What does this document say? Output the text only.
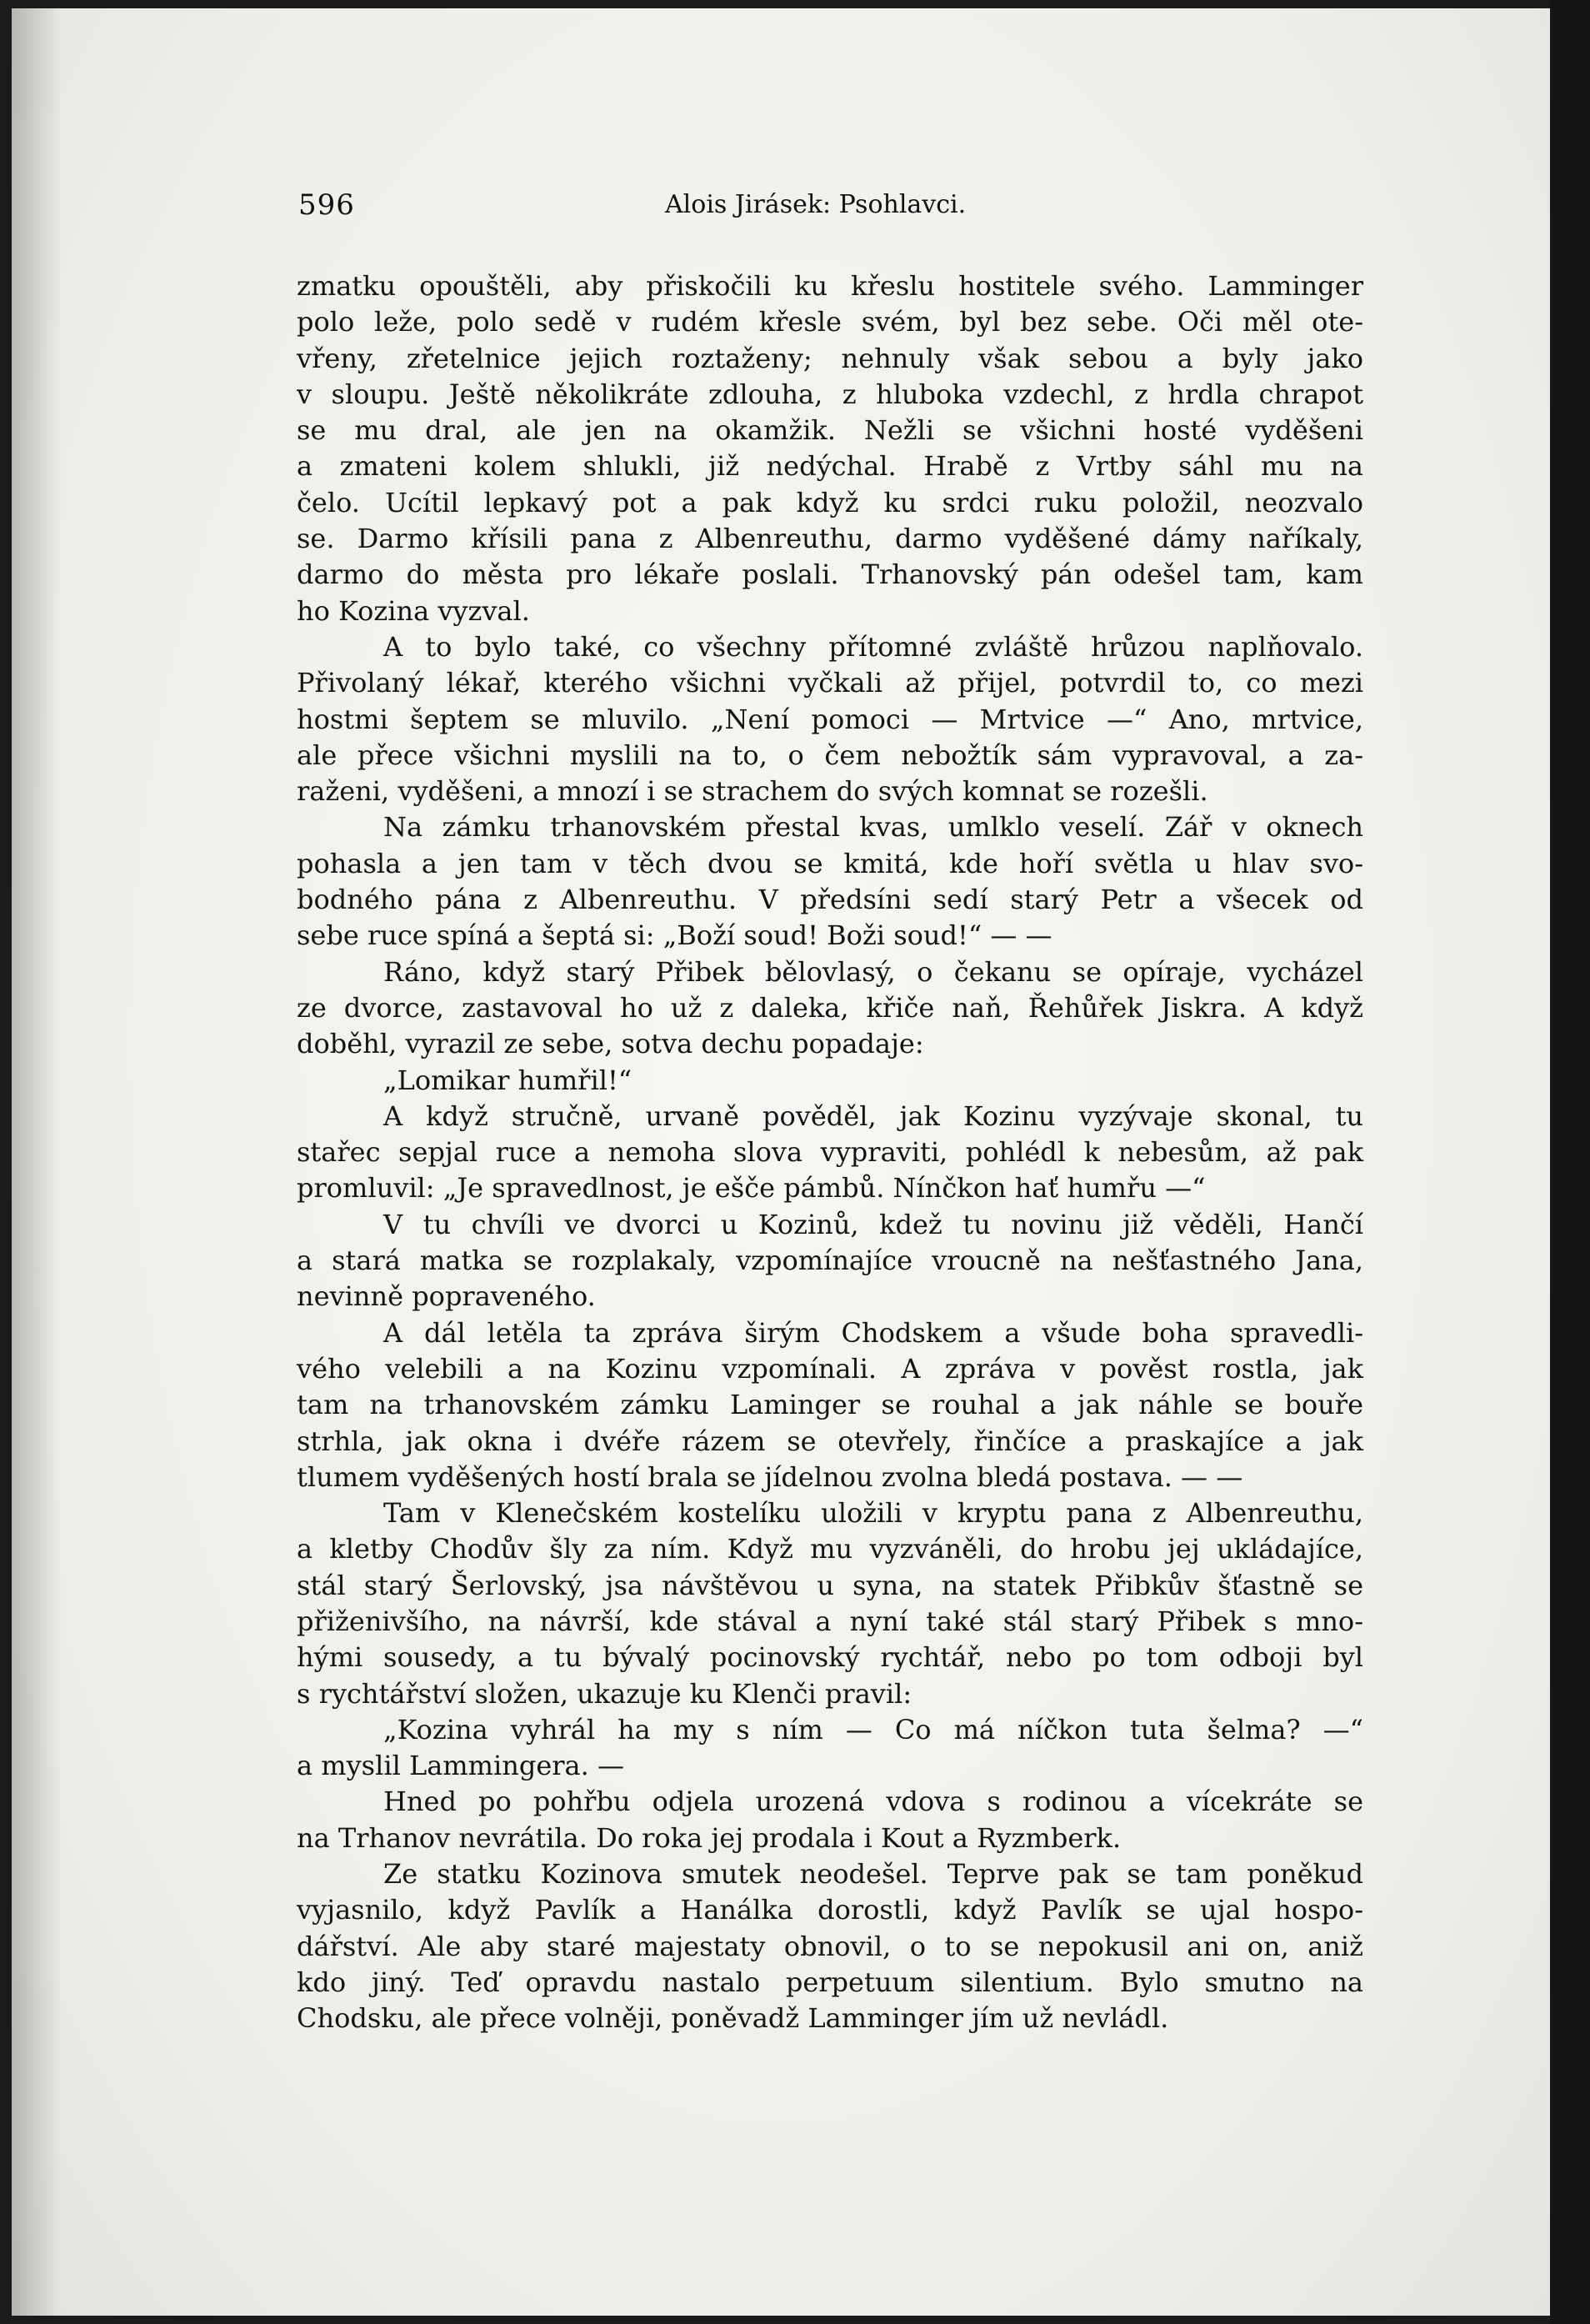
596	Alois Jirásek: Psohlavci.
zmatku opouštěli, aby přiskočili ku křeslu hostitele svého. Lamminger
polo leže, polo sedě v rudém křesle svém, byl bez sebe. Oči měl ote-
vřeny, zřetelnice jejich roztaženy; nehnuly však sebou a byly jako
v sloupu. Ještě několikráte zdlouha, z hluboka vzdechl, z hrdla chrapot
se mu dral, ale jen na okamžik. Nežli se všichni hosté vyděšeni
a zmateni kolem shlukli, již nedýchal. Hrabě z Vrtby sáhl mu na
čelo. Ucítil lepkavý pot a pak když ku srdci ruku položil, neozvalo
se. Darmo křísili pana z Albenreuthu, darmo vyděšené dámy naříkaly,
darmo do města pro lékaře poslali. Trhanovský pán odešel tam, kam
ho Kozina vyzval.
A to bylo také, co všechny přítomné zvláště hrůzou naplňovalo.
Přivolaný lékař, kterého všichni vyčkali až přijel, potvrdil to, co mezi
hostmi šeptem se mluvilo. „Není pomoci — Mrtvice —“ Ano, mrtvice,
ale přece všichni myslili na to, o čem nebožtík sám vypravoval, a za-
raženi, vyděšeni, a mnozí i se strachem do svých komnat se rozešli.
Na zámku trhanovském přestal kvas, umlklo veselí. Zář v oknech
pohasla a jen tam v těch dvou se kmitá, kde hoří světla u hlav svo-
bodného pána z Albenreuthu. V předsíni sedí starý Petr a všecek od
sebe ruce spíná a šeptá si: „Boží soud! Boži soud!“ — —
Ráno, když starý Přibek bělovlasý, o čekanu se opíraje, vycházel
ze dvorce, zastavoval ho už z daleka, křiče naň, Řehůřek Jiskra. A když
doběhl, vyrazil ze sebe, sotva dechu popadaje:
„Lomikar humřil!“
A když stručně, urvaně pověděl, jak Kozinu vyzývaje skonal, tu
stařec sepjal ruce a nemoha slova vypraviti, pohlédl k nebesům, až pak
promluvil: „Je spravedlnost, je ešče pámbů. Nínčkon hať humřu —“
V tu chvíli ve dvorci u Kozinů, kdež tu novinu již věděli, Hančí
a stará matka se rozplakaly, vzpomínajíce vroucně na nešťastného Jana,
nevinně popraveného.
A dál letěla ta zpráva širým Chodskem a všude boha spravedli-
vého velebili a na Kozinu vzpomínali. A zpráva v pověst rostla, jak
tam na trhanovském zámku Laminger se rouhal a jak náhle se bouře
strhla, jak okna i dvéře rázem se otevřely, řinčíce a praskajíce a jak
tlumem vyděšených hostí brala se jídelnou zvolna bledá postava. — —
Tam v Klenečském kostelíku uložili v kryptu pana z Albenreuthu,
a kletby Chodův šly za ním. Když mu vyzváněli, do hrobu jej ukládajíce,
stál starý Šerlovský, jsa návštěvou u syna, na statek Přibkův šťastně se
přiženivšího, na návrší, kde stával a nyní také stál starý Přibek s mno-
hými sousedy, a tu bývalý pocinovský rychtář, nebo po tom odboji byl
s rychtářství složen, ukazuje ku Klenči pravil:
„Kozina vyhrál ha my s ním — Co má níčkon tuta šelma? —“
a myslil Lammingera. —
Hned po pohřbu odjela urozená vdova s rodinou a vícekráte se
na Trhanov nevrátila. Do roka jej prodala i Kout a Ryzmberk.
Ze statku Kozinova smutek neodešel. Teprve pak se tam poněkud
vyjasnilo, když Pavlík a Hanálka dorostli, když Pavlík se ujal hospo-
dářství. Ale aby staré majestaty obnovil, o to se nepokusil ani on, aniž
kdo jiný. Teď opravdu nastalo perpetuum silentium. Bylo smutno na
Chodsku, ale přece volněji, poněvadž Lamminger jím už nevládl.
